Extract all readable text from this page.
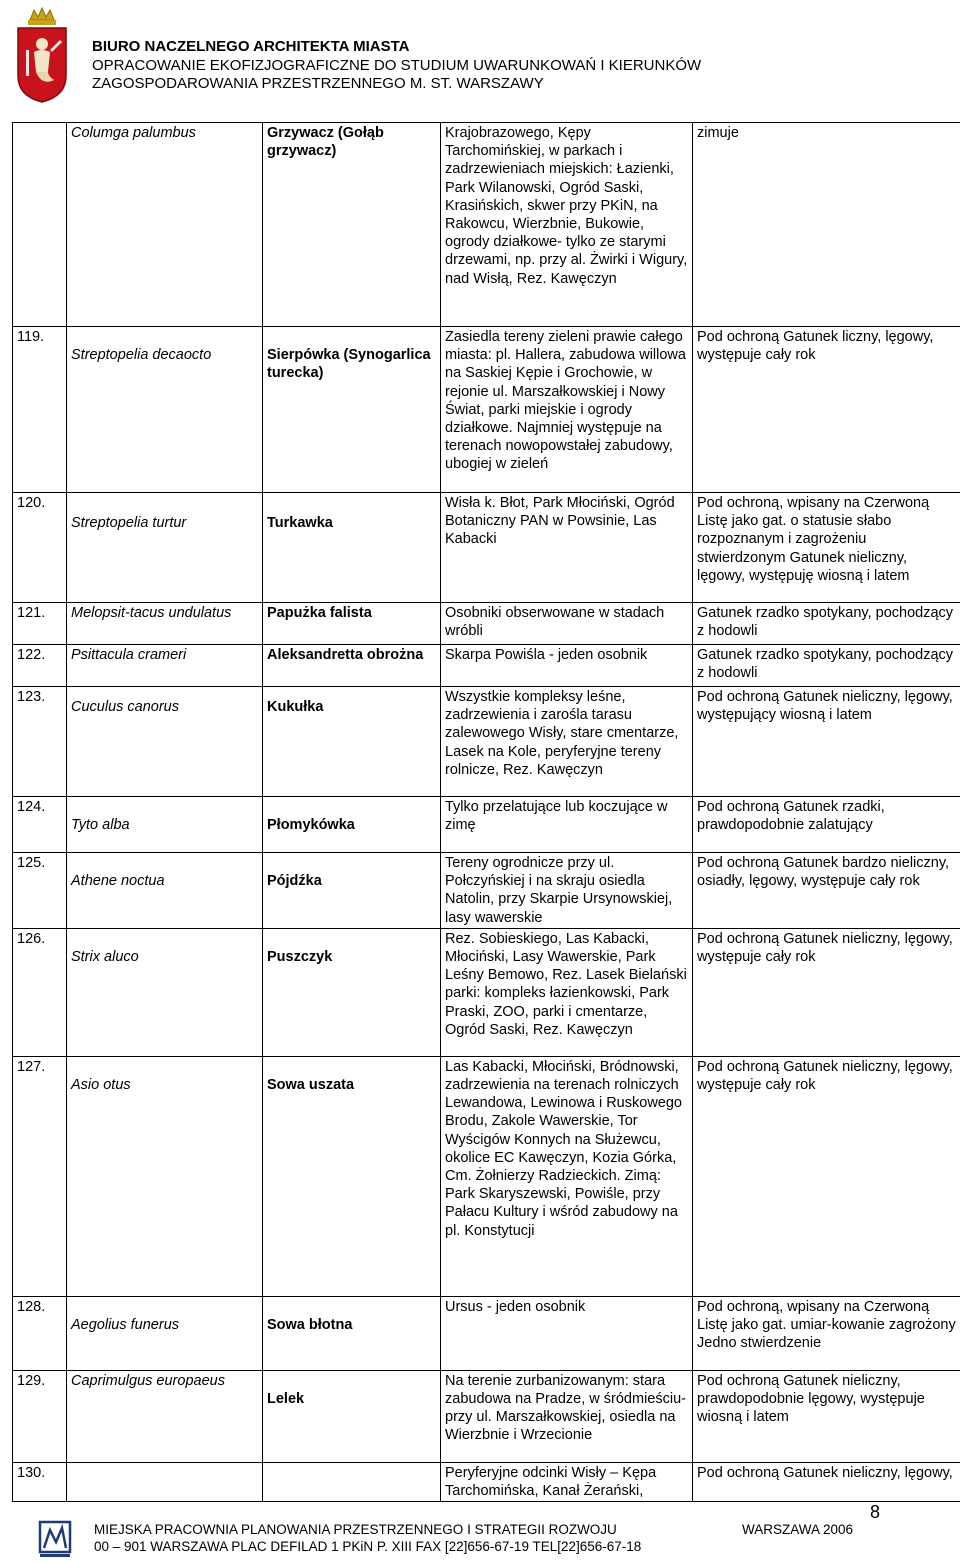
BIURO NACZELNEGO ARCHITEKTA MIASTA
OPRACOWANIE EKOFIZJOGRAFICZNE DO STUDIUM UWARUNKOWAŃ I KIERUNKÓW
ZAGOSPODAROWANIA PRZESTRZENNEGO M. ST. WARSZAWY

	Columga palumbus	Grzywacz (Gołąb grzywacz)	Krajobrazowego, Kępy Tarchomińskiej, w parkach i zadrzewieniach miejskich: Łazienki, Park Wilanowski, Ogród Saski, Krasińskich, skwer przy PKiN, na Rakowcu, Wierzbnie, Bukowie, ogrody działkowe- tylko ze starymi drzewami, np. przy al. Żwirki i Wigury, nad Wisłą, Rez. Kawęczyn	zimuje
119.	Streptopelia decaocto	Sierpówka (Synogarlica turecka)	Zasiedla tereny zieleni prawie całego miasta: pl. Hallera, zabudowa willowa na Saskiej Kępie i Grochowie, w rejonie ul. Marszałkowskiej i Nowy Świat, parki miejskie i ogrody działkowe. Najmniej występuje na terenach nowopowstałej zabudowy, ubogiej w zieleń	Pod ochroną Gatunek liczny, lęgowy, występuje cały rok
120.	Streptopelia turtur	Turkawka	Wisła k. Błot, Park Młociński, Ogród Botaniczny PAN w Powsinie, Las Kabacki	Pod ochroną, wpisany na Czerwoną Listę jako gat. o statusie słabo rozpoznanym i zagrożeniu stwierdzonym Gatunek nieliczny, lęgowy, występuję wiosną i latem
121.	Melopsit-tacus undulatus	Papużka falista	Osobniki obserwowane w stadach wróbli	Gatunek rzadko spotykany, pochodzący z hodowli
122.	Psittacula crameri	Aleksandretta obrożna	Skarpa Powiśla - jeden osobnik	Gatunek rzadko spotykany, pochodzący z hodowli
123.	Cuculus canorus	Kukułka	Wszystkie kompleksy leśne, zadrzewienia i zarośla tarasu zalewowego Wisły, stare cmentarze, Lasek na Kole, peryferyjne tereny rolnicze, Rez. Kawęczyn	Pod ochroną Gatunek nieliczny, lęgowy, występujący wiosną i latem
124.	Tyto alba	Płomykówka	Tylko przelatujące lub koczujące w zimę	Pod ochroną Gatunek rzadki, prawdopodobnie zalatujący
125.	Athene noctua	Pójdźka	Tereny ogrodnicze przy ul. Połczyńskiej i na skraju osiedla Natolin, przy Skarpie Ursynowskiej, lasy wawerskie	Pod ochroną Gatunek bardzo nieliczny, osiadły, lęgowy, występuje cały rok
126.	Strix aluco	Puszczyk	Rez. Sobieskiego, Las Kabacki, Młociński, Lasy Wawerskie, Park Leśny Bemowo, Rez. Lasek Bielański parki: kompleks łazienkowski, Park Praski, ZOO, parki i cmentarze, Ogród Saski, Rez. Kawęczyn	Pod ochroną Gatunek nieliczny, lęgowy, występuje cały rok
127.	Asio otus	Sowa uszata	Las Kabacki, Młociński, Bródnowski, zadrzewienia na terenach rolniczych Lewandowa, Lewinowa i Ruskowego Brodu, Zakole Wawerskie, Tor Wyścigów Konnych na Służewcu, okolice EC Kawęczyn, Kozia Górka, Cm. Żołnierzy Radzieckich. Zimą: Park Skaryszewski, Powiśle, przy Pałacu Kultury i wśród zabudowy na pl. Konstytucji	Pod ochroną Gatunek nieliczny, lęgowy, występuje cały rok
128.	Aegolius funerus	Sowa błotna	Ursus - jeden osobnik	Pod ochroną, wpisany na Czerwoną Listę jako gat. umiar-kowanie zagrożony Jedno stwierdzenie
129.	Caprimulgus europaeus	Lelek	Na terenie zurbanizowanym: stara zabudowa na Pradze, w śródmieściu- przy ul. Marszałkowskiej, osiedla na Wierzbnie i Wrzecionie	Pod ochroną Gatunek nieliczny, prawdopodobnie lęgowy, występuje wiosną i latem
130.			Peryferyjne odcinki Wisły – Kępa Tarchomińska, Kanał Żerański,	Pod ochroną Gatunek nieliczny, lęgowy,
8
MIEJSKA PRACOWNIA PLANOWANIA PRZESTRZENNEGO I STRATEGII ROZWOJU
00 – 901 WARSZAWA PLAC DEFILAD 1 PKiN P. XIII FAX [22]656-67-19 TEL[22]656-67-18
WARSZAWA 2006
